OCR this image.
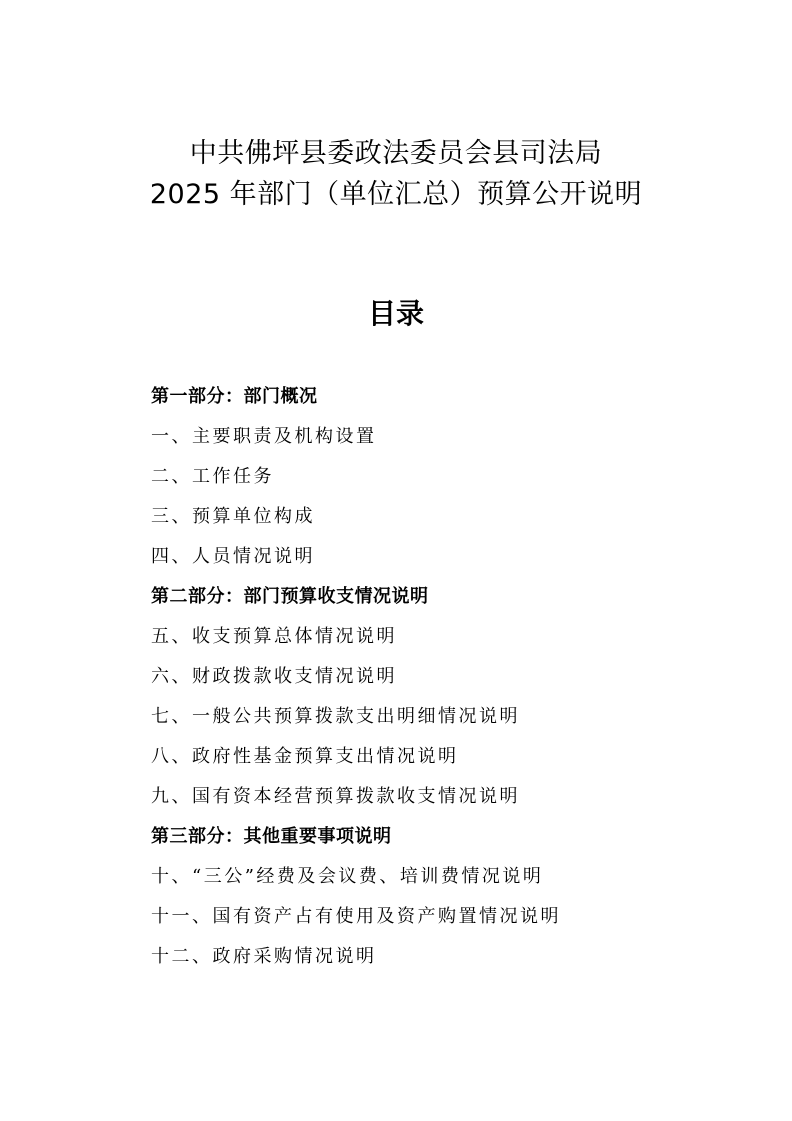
中共佛坪县委政法委员会县司法局
2025 年部门（单位汇总）预算公开说明
目录
第一部分：部门概况
一、主要职责及机构设置
二、工作任务
三、预算单位构成
四、人员情况说明
第二部分：部门预算收支情况说明
五、收支预算总体情况说明
六、财政拨款收支情况说明
七、一般公共预算拨款支出明细情况说明
八、政府性基金预算支出情况说明
九、国有资本经营预算拨款收支情况说明
第三部分：其他重要事项说明
十、“三公”经费及会议费、培训费情况说明
十一、国有资产占有使用及资产购置情况说明
十二、政府采购情况说明
